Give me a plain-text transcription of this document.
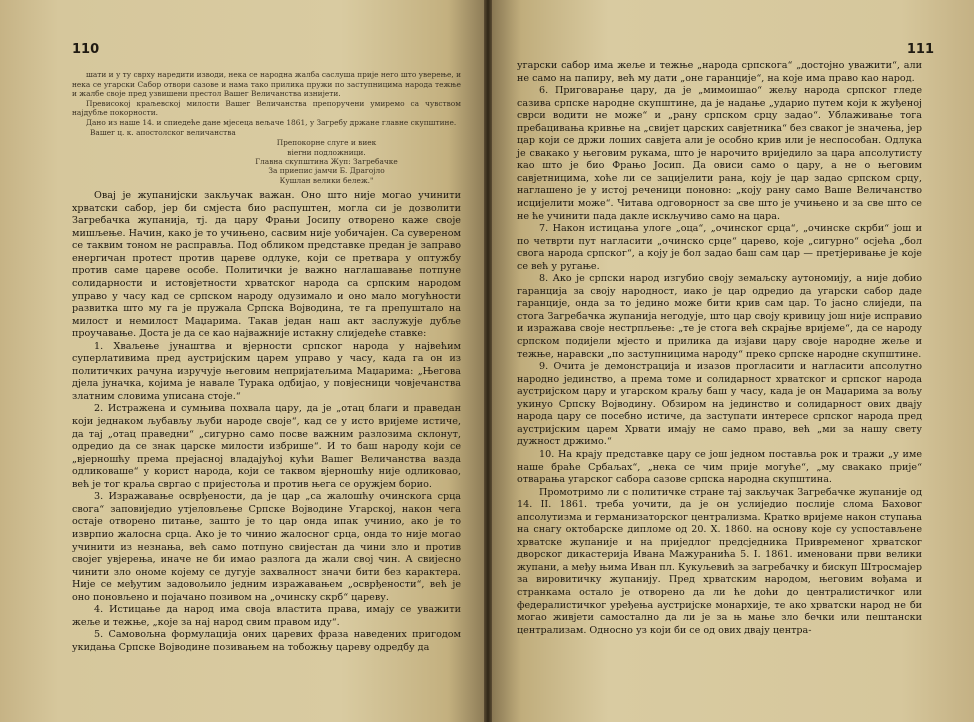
110

шати и у ту сврху наредити изводи, нека се народна жалба саслуша прије него што уверење, и нека се угарски Сабор отвори сазове и нама тако прилика пружи по заступницима народа тежње и жалбе своје пред узвишени престол Вашег Величанства изнијети.

Превисокој краљевској милости Вашег Величанства препоручени умиремо са чувством најдубље покорности.

Дано из наше 14. и спиедеће дане мјесеца вељаче 1861, у Загребу држане главне скупштине.

Вашег ц. к. апостолског величанства

Препокорне слуге и виек
вierни подложници.
Главна скупштина Жуп: Загребачке
За приепис јамчи Б. Драгојло
Кушлан велики бележ."

Овај је жупанијски закључак важан. Оно што није могао учинити хрватски сабор, јер би смјеста био распуштен, могла си је дозволити Загребачка жупанија, тј. да цару Фрањи Јосипу отворено каже своје мишљење. Начин, како је то учињено, сасвим није уобичајен. Са сувереном се таквим тоном не расправља. Под обликом представке предан је заправо енергичан протест против цареве одлуке, који се претвара у оптужбу против саме цареве особе. Политички је важно наглашавање потпуне солидарности и истовјетности хрватског народа са српским народом управо у часу кад се српском народу одузимало и оно мало могућности развитка што му га је пружала Српска Војводина, те га препуштало на милост и немилост Маџарима. Такав један наш акт заслужује дубље проучавање. Доста је да се као најважније истакну слиједеће ставке:

1. Хваљење јунаштва и вјерности српског народа у највећим суперлативима пред аустријским царем управо у часу, када га он из политичких рачуна изручује његовим непријатељима Маџарима: „Његова дјела јуначка, којима је навале Турака одбијао, у повјесници човјечанства златним словима уписана стоје.“

2. Истражена и сумњива похвала цару, да је „отац благи и праведан који једнаком љубављу љуби народе своје“, кад се у исто вријеме истиче, да тај „отац праведни“ „сигурно само посве важним разлозима склонут, одредио да се знак царске милости избрише“. И то баш народу који се „вјерношћу према прејасној владајућој кући Вашег Величанства вазда одликоваше“ у корист народа, који се таквом вјерношћу није одликовао, већ је тог краља свргао с пријестоља и против њега се оружјем борио.

3. Изражавање осврђености, да је цар „са жалошћу очинскога срца свога“ заповиједио утјеловљење Српске Војводине Угарској, након чега остаје отворено питање, зашто је то цар онда ипак учинио, ако је то изврпио жалосна срца. Ако је то чинио жалосног срца, онда то није могао учинити из незнања, већ само потпуно свијестан да чини зло и против својег увјерења, иначе не би имао разлога да жали свој чин. А свијесно чинити зло ономе којему се дугује захвалност значи бити без карактера. Није се међутим задовољило једним изражавањем „осврђености“, већ је оно поновљено и појачано позивом на „очинску скрб“ цареву.

4. Истицање да народ има своја властита права, имају се уважити жеље и тежње, „које за нај народ свим правом иду“.

5. Самовољна формулација оних царевих фраза наведених пригодом укидања Српске Војводине позивањем на тобожњу цареву одредбу да

111

угарски сабор има жеље и тежње „народа српскога“ „достојно уважити“, али не само на папиру, већ му дати „оне гаранције“, на које има право као народ.

6. Приговарање цару, да је „мимоишао“ жељу народа српског гледе сазива српске народне скупштине, да је надање „ударио путем који к жуђеној сврси водити не може“ и „рану српском срцу задао“. Ублаживање тога пребацивања кривње на „свијет царских савјетника“ без сваког је значења, јер цар који се држи лоших савјета али је особно крив или је неспособан. Одлука је свакако у његовим рукама, што је нарочито вриједило за царa апсолутисту као што је био Фрањо Јосип. Да овиси само о цару, а не о његовим савјетницима, хоће ли се зацијелити рана, коју је цар задао српском срцу, наглашено је у истој реченици поновно: „коју рану само Ваше Величанство исцијелити може“. Читава одговорност за све што је учињено и за све што се не ће учинити пада дакле искључиво само на цара.

7. Након истицања улоге „оца“, „очинског срца“, „очинске скрби“ још и по четврти пут нагласити „очинско срце“ царево, које „сигурно“ осјећа „бол свога народа српског“, а коју је бол задао баш сам цар — претјеривање је које се већ у ругање.

8. Ако је српски народ изгубио своју земаљску аутономију, а није добио гаранција за своју народност, иако је цар одредио да угарски сабор даде гаранције, онда за то једино може бити крив сам цар. То јасно слиједи, па стога Загребачка жупанија негодује, што цар своју кривицу још није исправио и изражава своје нестрпљење: „те је стога већ скрајње вријеме“, да се народу српском подијели мјесто и прилика да изјави цару своје народне жеље и тежње, наравски „по заступницима народу“ преко српске народне скупштине.

9. Очита је демонстрација и изазов прогласити и нагласити апсолутно народно јединство, а према томе и солидарност хрватског и српског народа аустријском цару и угарском краљу баш у часу, када је он Маџарима за вољу укинуо Српску Војводину. Обзиром на јединство и солидарност ових двају народа цару се посебно истиче, да заступати интересе српског народа пред аустријским царем Хрвати имају не само право, већ „ми за нашу свету дужност држимо.“

10. На крају представке цару се још једном поставља рок и тражи „у име наше браће Србаљах“, „нека се чим прије могуће“, „му свакако прије“ отварања угарског сабора сазове српска народна скупштина.

Промотримо ли с политичке стране тај закључак Загребачке жупаније од 14. II. 1861. треба уочити, да је он услиједио послије слома Баховог апсолутизма и германизаторског централизма. Кратко вријеме након ступања на снагу октобарске дипломе од 20. X. 1860. на основу које су успостављене хрватске жупаније и на приједлог предсједника Привременог хрватског дворског дикастерија Ивана Мажуранића 5. I. 1861. именовани први велики жупани, а међу њима Иван пл. Кукуљевић за загребачку и бискуп Штросмајер за вировитичку жупанију. Пред хрватским народом, његовим вођама и странкама остало је отворено да ли ће доћи до централистичког или федералистичког уређења аустријске монархије, те ако хрватски народ не би могао живјети самостално да ли је за њ мање зло бечки или пештански централизам. Односно уз који би се од ових двају центра-
